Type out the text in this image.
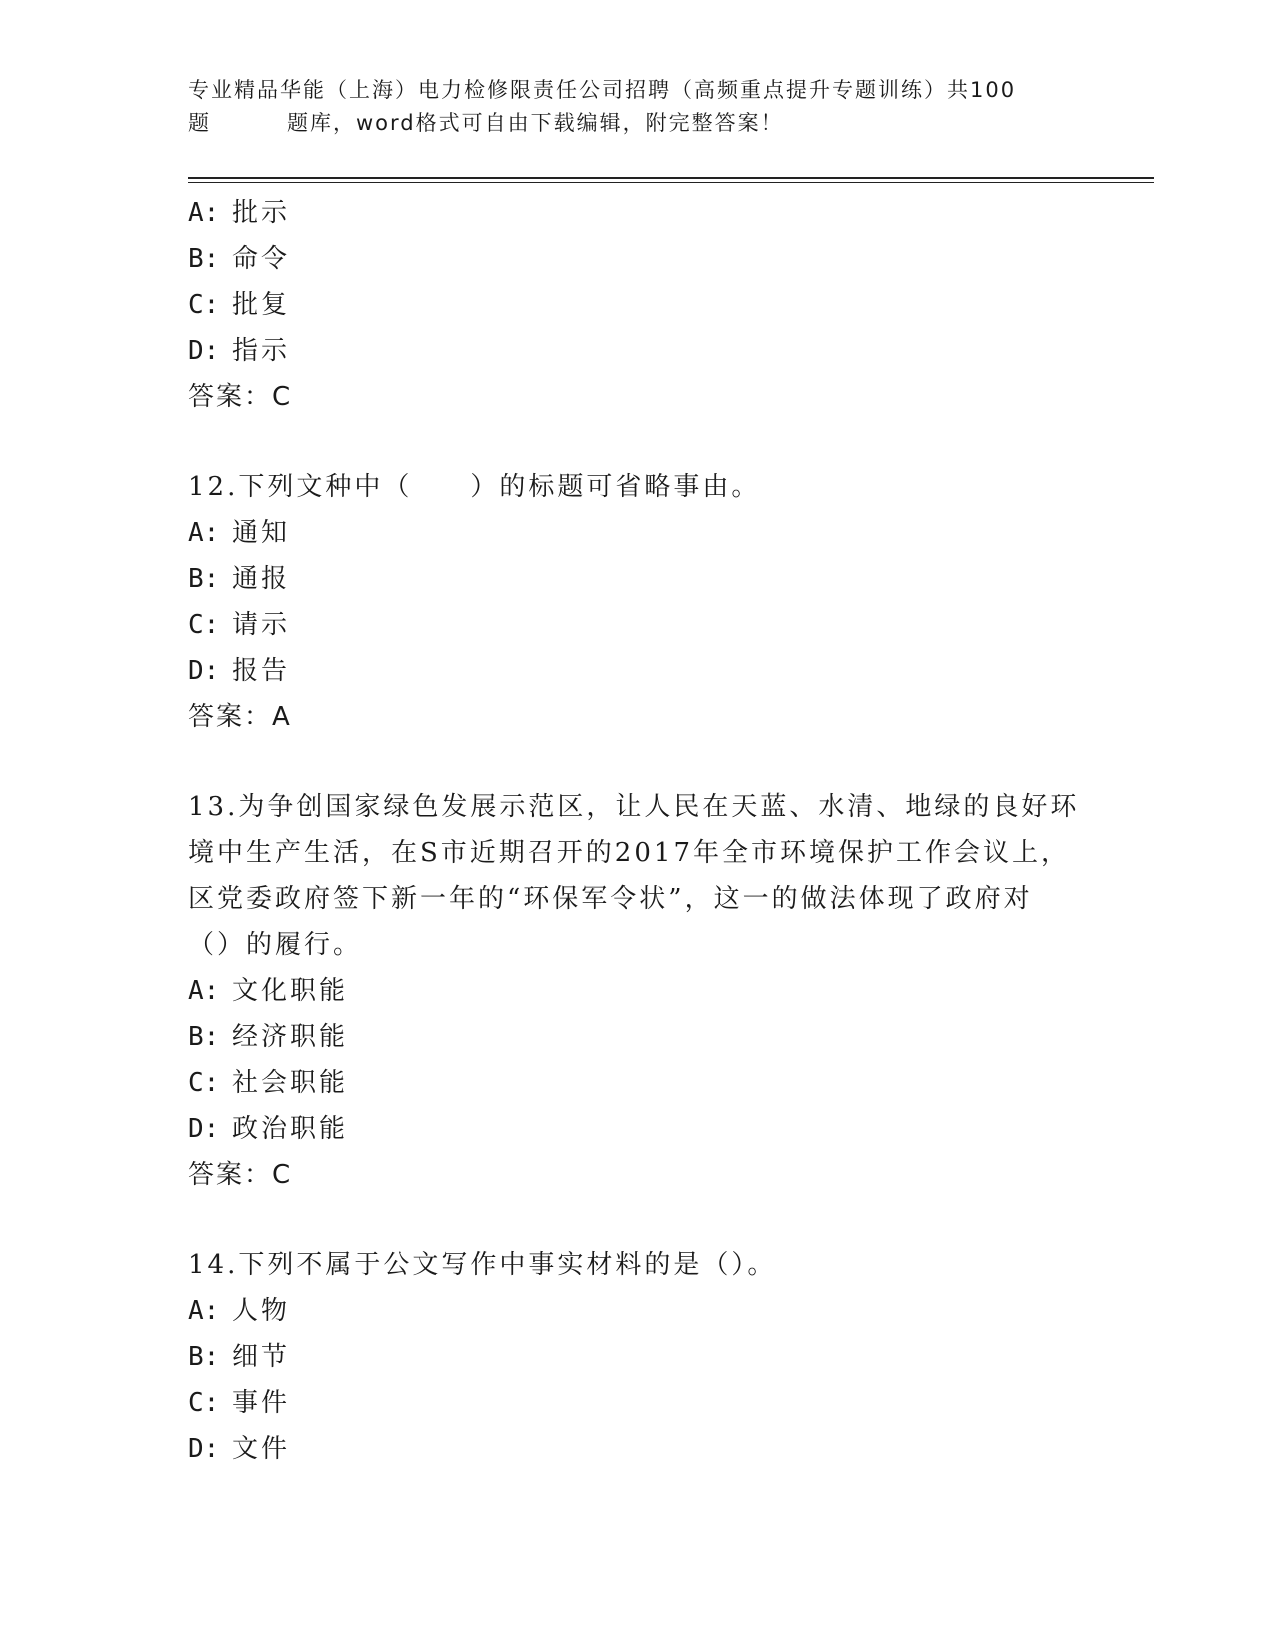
专业精品华能（上海）电力检修限责任公司招聘（高频重点提升专题训练）共100
题	题库，word格式可自由下载编辑，附完整答案！
A: 批示
B: 命令
C: 批复
D: 指示
答案：C
12.下列文种中（　　）的标题可省略事由。
A: 通知
B: 通报
C: 请示
D: 报告
答案：A
13.为争创国家绿色发展示范区，让人民在天蓝、水清、地绿的良好环
境中生产生活，在S市近期召开的2017年全市环境保护工作会议上，
区党委政府签下新一年的“环保军令状”，这一的做法体现了政府对
（）的履行。
A: 文化职能
B: 经济职能
C: 社会职能
D: 政治职能
答案：C
14.下列不属于公文写作中事实材料的是（）。
A: 人物
B: 细节
C: 事件
D: 文件
